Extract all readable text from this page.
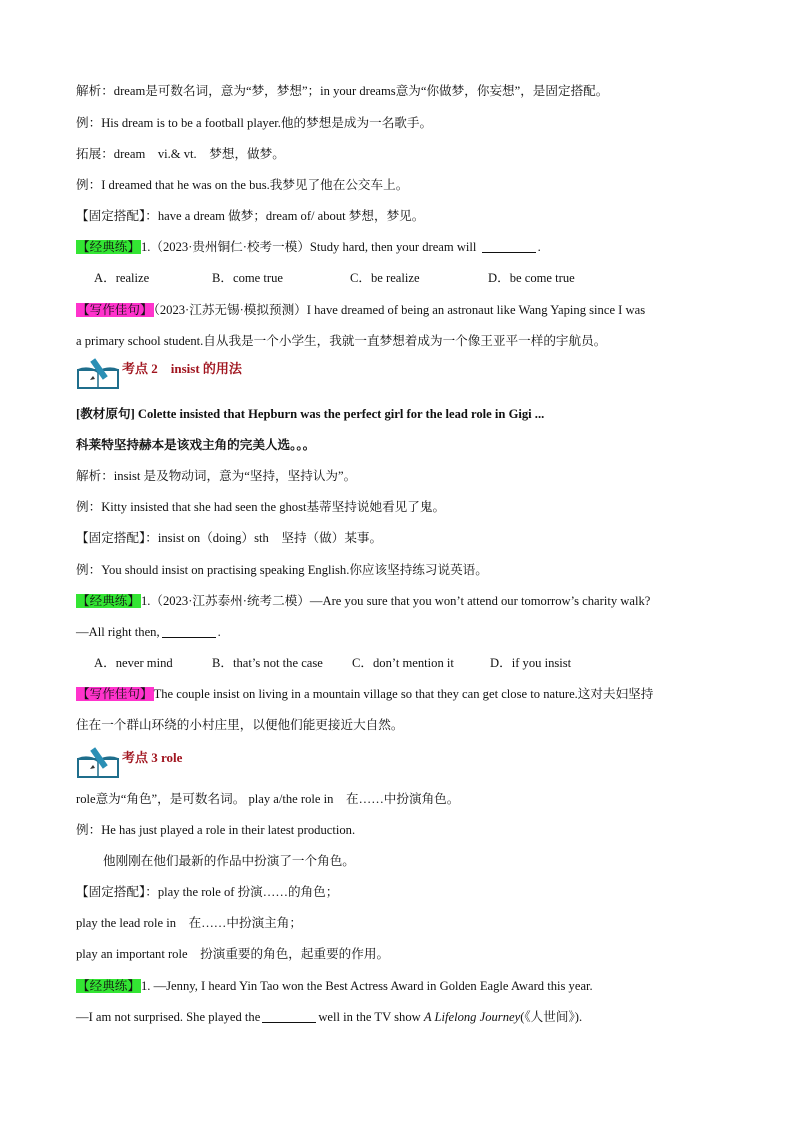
解析：dream是可数名词，意为“梦，梦想”；in your dreams意为“你做梦，你妄想”，是固定搭配。
例：His dream is to be a football player.他的梦想是成为一名歌手。
拓展：dream　vi.& vt.　梦想，做梦。
例：I dreamed that he was on the bus.我梦见了他在公交车上。
【固定搭配】：have a dream 做梦；dream of/ about 梦想，梦见。
【经典练】1.（2023·贵州铜仁·校考一模）Study hard, then your dream will	.
A．realize	B．come true	C．be realize	D．be come true
【写作佳句】（2023·江苏无锡·模拟预测）I have dreamed of being an astronaut like Wang Yaping since I was
a primary school student.自从我是一个小学生，我就一直梦想着成为一个像王亚平一样的宇航员。
考点 2　insist 的用法
[教材原句] Colette insisted that Hepburn was the perfect girl for the lead role in Gigi ...
科莱特坚持赫本是该戏主角的完美人选。。。
解析：insist 是及物动词，意为“坚持，坚持认为”。
例：Kitty insisted that she had seen the ghost基蒂坚持说她看见了鬼。
【固定搭配】：insist on（doing）sth　坚持（做）某事。
例：You should insist on practising speaking English.你应该坚持练习说英语。
【经典练】1.（2023·江苏泰州·统考二模）—Are you sure that you won’t attend our tomorrow’s charity walk?
—All right then,	.
A．never mind	B．that’s not the case C．don’t mention it	D．if you insist
【写作佳句】The couple insist on living in a mountain village so that they can get close to nature.这对夫妇坚持
住在一个群山环绕的小村庄里，以便他们能更接近大自然。
考点 3 role
role意为“角色”，是可数名词。 play a/the role in　在……中扮演角色。
例：He has just played a role in their latest production.
他刚刚在他们最新的作品中扮演了一个角色。
【固定搭配】：play the role of 扮演……的角色；
play the lead role in　在……中扮演主角；
play an important role　扮演重要的角色，起重要的作用。
【经典练】1. —Jenny, I heard Yin Tao won the Best Actress Award in Golden Eagle Award this year.
—I am not surprised. She played the	well in the TV show A Lifelong Journey(《人世间》).
